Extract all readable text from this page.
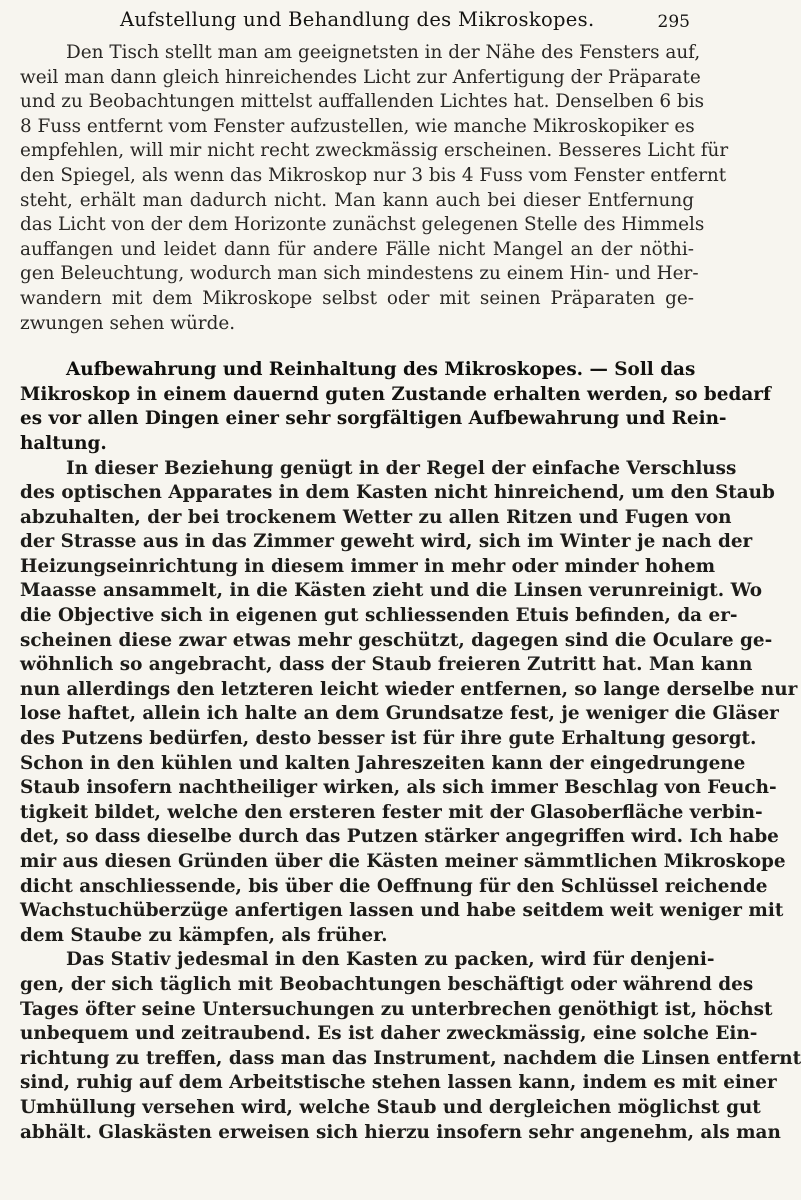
Aufstellung und Behandlung des Mikroskopes.	295
Den Tisch stellt man am geeignetsten in der Nähe des Fensters auf,
weil man dann gleich hinreichendes Licht zur Anfertigung der Präparate
und zu Beobachtungen mittelst auffallenden Lichtes hat. Denselben 6 bis
8 Fuss entfernt vom Fenster aufzustellen, wie manche Mikroskopiker es
empfehlen, will mir nicht recht zweckmässig erscheinen. Besseres Licht für
den Spiegel, als wenn das Mikroskop nur 3 bis 4 Fuss vom Fenster entfernt
steht, erhält man dadurch nicht. Man kann auch bei dieser Entfernung
das Licht von der dem Horizonte zunächst gelegenen Stelle des Himmels
auffangen und leidet dann für andere Fälle nicht Mangel an der nöthi-
gen Beleuchtung, wodurch man sich mindestens zu einem Hin- und Her-
wandern mit dem Mikroskope selbst oder mit seinen Präparaten ge-
zwungen sehen würde.
Aufbewahrung und Reinhaltung des Mikroskopes. — Soll das
Mikroskop in einem dauernd guten Zustande erhalten werden, so bedarf
es vor allen Dingen einer sehr sorgfältigen Aufbewahrung und Rein-
haltung.
In dieser Beziehung genügt in der Regel der einfache Verschluss
des optischen Apparates in dem Kasten nicht hinreichend, um den Staub
abzuhalten, der bei trockenem Wetter zu allen Ritzen und Fugen von
der Strasse aus in das Zimmer geweht wird, sich im Winter je nach der
Heizungseinrichtung in diesem immer in mehr oder minder hohem
Maasse ansammelt, in die Kästen zieht und die Linsen verunreinigt. Wo
die Objective sich in eigenen gut schliessenden Etuis befinden, da er-
scheinen diese zwar etwas mehr geschützt, dagegen sind die Oculare ge-
wöhnlich so angebracht, dass der Staub freieren Zutritt hat. Man kann
nun allerdings den letzteren leicht wieder entfernen, so lange derselbe nur
lose haftet, allein ich halte an dem Grundsatze fest, je weniger die Gläser
des Putzens bedürfen, desto besser ist für ihre gute Erhaltung gesorgt.
Schon in den kühlen und kalten Jahreszeiten kann der eingedrungene
Staub insofern nachtheiliger wirken, als sich immer Beschlag von Feuch-
tigkeit bildet, welche den ersteren fester mit der Glasoberfläche verbin-
det, so dass dieselbe durch das Putzen stärker angegriffen wird. Ich habe
mir aus diesen Gründen über die Kästen meiner sämmtlichen Mikroskope
dicht anschliessende, bis über die Oeffnung für den Schlüssel reichende
Wachstuchüberzüge anfertigen lassen und habe seitdem weit weniger mit
dem Staube zu kämpfen, als früher.
Das Stativ jedesmal in den Kasten zu packen, wird für denjeni-
gen, der sich täglich mit Beobachtungen beschäftigt oder während des
Tages öfter seine Untersuchungen zu unterbrechen genöthigt ist, höchst
unbequem und zeitraubend. Es ist daher zweckmässig, eine solche Ein-
richtung zu treffen, dass man das Instrument, nachdem die Linsen entfernt
sind, ruhig auf dem Arbeitstische stehen lassen kann, indem es mit einer
Umhüllung versehen wird, welche Staub und dergleichen möglichst gut
abhält. Glaskästen erweisen sich hierzu insofern sehr angenehm, als man
